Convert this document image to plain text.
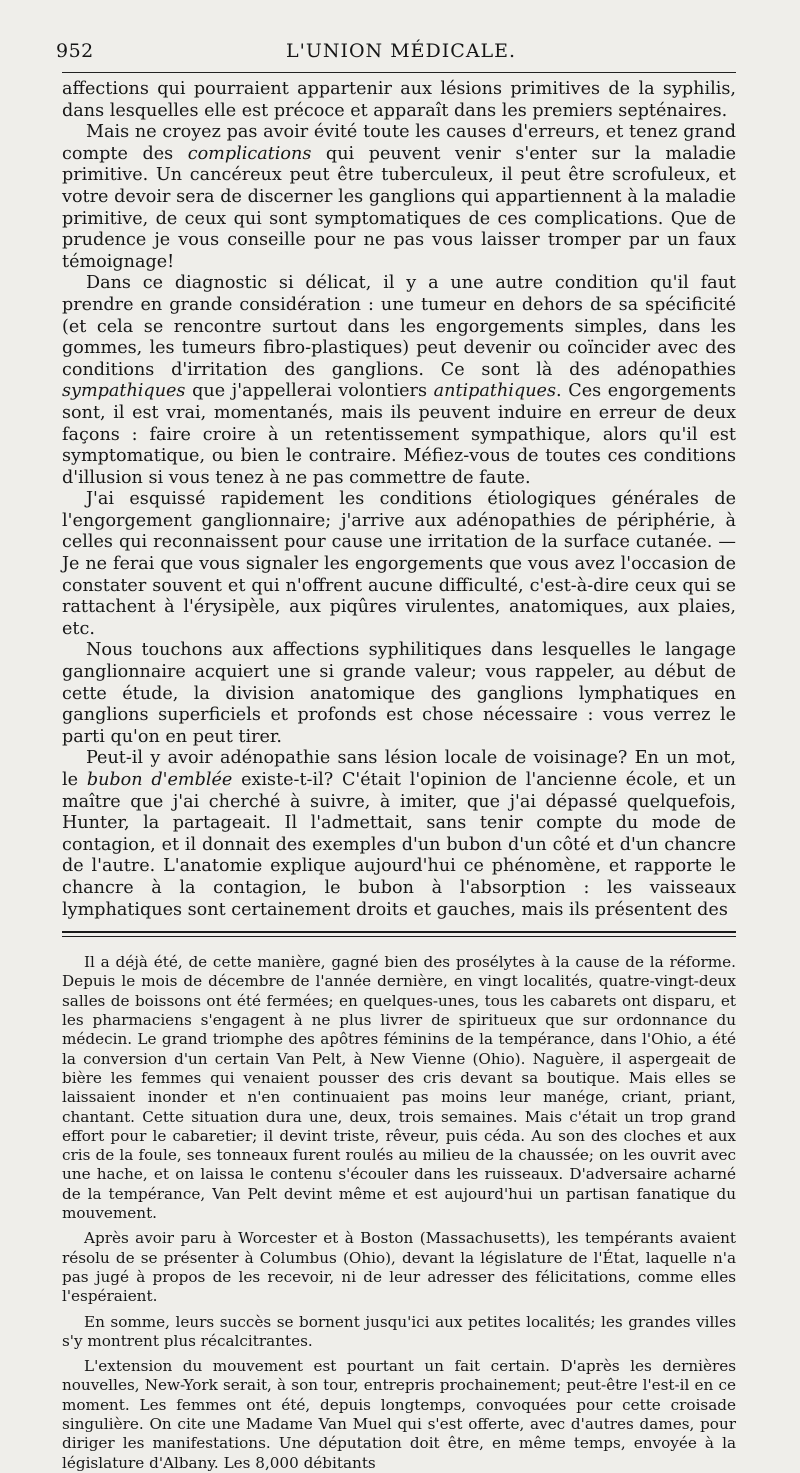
952	L'UNION MÉDICALE.

affections qui pourraient appartenir aux lésions primitives de la syphilis, dans lesquelles elle est précoce et apparaît dans les premiers septénaires.

Mais ne croyez pas avoir évité toute les causes d'erreurs, et tenez grand compte des complications qui peuvent venir s'enter sur la maladie primitive. Un cancéreux peut être tuberculeux, il peut être scrofuleux, et votre devoir sera de discerner les ganglions qui appartiennent à la maladie primitive, de ceux qui sont symptomatiques de ces complications. Que de prudence je vous conseille pour ne pas vous laisser tromper par un faux témoignage!

Dans ce diagnostic si délicat, il y a une autre condition qu'il faut prendre en grande considération : une tumeur en dehors de sa spécificité (et cela se rencontre surtout dans les engorgements simples, dans les gommes, les tumeurs fibro-plastiques) peut devenir ou coïncider avec des conditions d'irritation des ganglions. Ce sont là des adénopathies sympathiques que j'appellerai volontiers antipathiques. Ces engorgements sont, il est vrai, momentanés, mais ils peuvent induire en erreur de deux façons : faire croire à un retentissement sympathique, alors qu'il est symptomatique, ou bien le contraire. Méfiez-vous de toutes ces conditions d'illusion si vous tenez à ne pas commettre de faute.

J'ai esquissé rapidement les conditions étiologiques générales de l'engorgement ganglionnaire; j'arrive aux adénopathies de périphérie, à celles qui reconnaissent pour cause une irritation de la surface cutanée. — Je ne ferai que vous signaler les engorgements que vous avez l'occasion de constater souvent et qui n'offrent aucune difficulté, c'est-à-dire ceux qui se rattachent à l'érysipèle, aux piqûres virulentes, anatomiques, aux plaies, etc.

Nous touchons aux affections syphilitiques dans lesquelles le langage ganglionnaire acquiert une si grande valeur; vous rappeler, au début de cette étude, la division anatomique des ganglions lymphatiques en ganglions superficiels et profonds est chose nécessaire : vous verrez le parti qu'on en peut tirer.

Peut-il y avoir adénopathie sans lésion locale de voisinage? En un mot, le bubon d'emblée existe-t-il? C'était l'opinion de l'ancienne école, et un maître que j'ai cherché à suivre, à imiter, que j'ai dépassé quelquefois, Hunter, la partageait. Il l'admettait, sans tenir compte du mode de contagion, et il donnait des exemples d'un bubon d'un côté et d'un chancre de l'autre. L'anatomie explique aujourd'hui ce phénomène, et rapporte le chancre à la contagion, le bubon à l'absorption : les vaisseaux lymphatiques sont certainement droits et gauches, mais ils présentent des

Il a déjà été, de cette manière, gagné bien des prosélytes à la cause de la réforme. Depuis le mois de décembre de l'année dernière, en vingt localités, quatre-vingt-deux salles de boissons ont été fermées; en quelques-unes, tous les cabarets ont disparu, et les pharmaciens s'engagent à ne plus livrer de spiritueux que sur ordonnance du médecin. Le grand triomphe des apôtres féminins de la tempérance, dans l'Ohio, a été la conversion d'un certain Van Pelt, à New Vienne (Ohio). Naguère, il aspergeait de bière les femmes qui venaient pousser des cris devant sa boutique. Mais elles se laissaient inonder et n'en continuaient pas moins leur manége, criant, priant, chantant. Cette situation dura une, deux, trois semaines. Mais c'était un trop grand effort pour le cabaretier; il devint triste, rêveur, puis céda. Au son des cloches et aux cris de la foule, ses tonneaux furent roulés au milieu de la chaussée; on les ouvrit avec une hache, et on laissa le contenu s'écouler dans les ruisseaux. D'adversaire acharné de la tempérance, Van Pelt devint même et est aujourd'hui un partisan fanatique du mouvement.

Après avoir paru à Worcester et à Boston (Massachusetts), les tempérants avaient résolu de se présenter à Columbus (Ohio), devant la législature de l'État, laquelle n'a pas jugé à propos de les recevoir, ni de leur adresser des félicitations, comme elles l'espéraient.

En somme, leurs succès se bornent jusqu'ici aux petites localités; les grandes villes s'y montrent plus récalcitrantes.

L'extension du mouvement est pourtant un fait certain. D'après les dernières nouvelles, New-York serait, à son tour, entrepris prochainement; peut-être l'est-il en ce moment. Les femmes ont été, depuis longtemps, convoquées pour cette croisade singulière. On cite une Madame Van Muel qui s'est offerte, avec d'autres dames, pour diriger les manifestations. Une députation doit être, en même temps, envoyée à la législature d'Albany. Les 8,000 débitants
